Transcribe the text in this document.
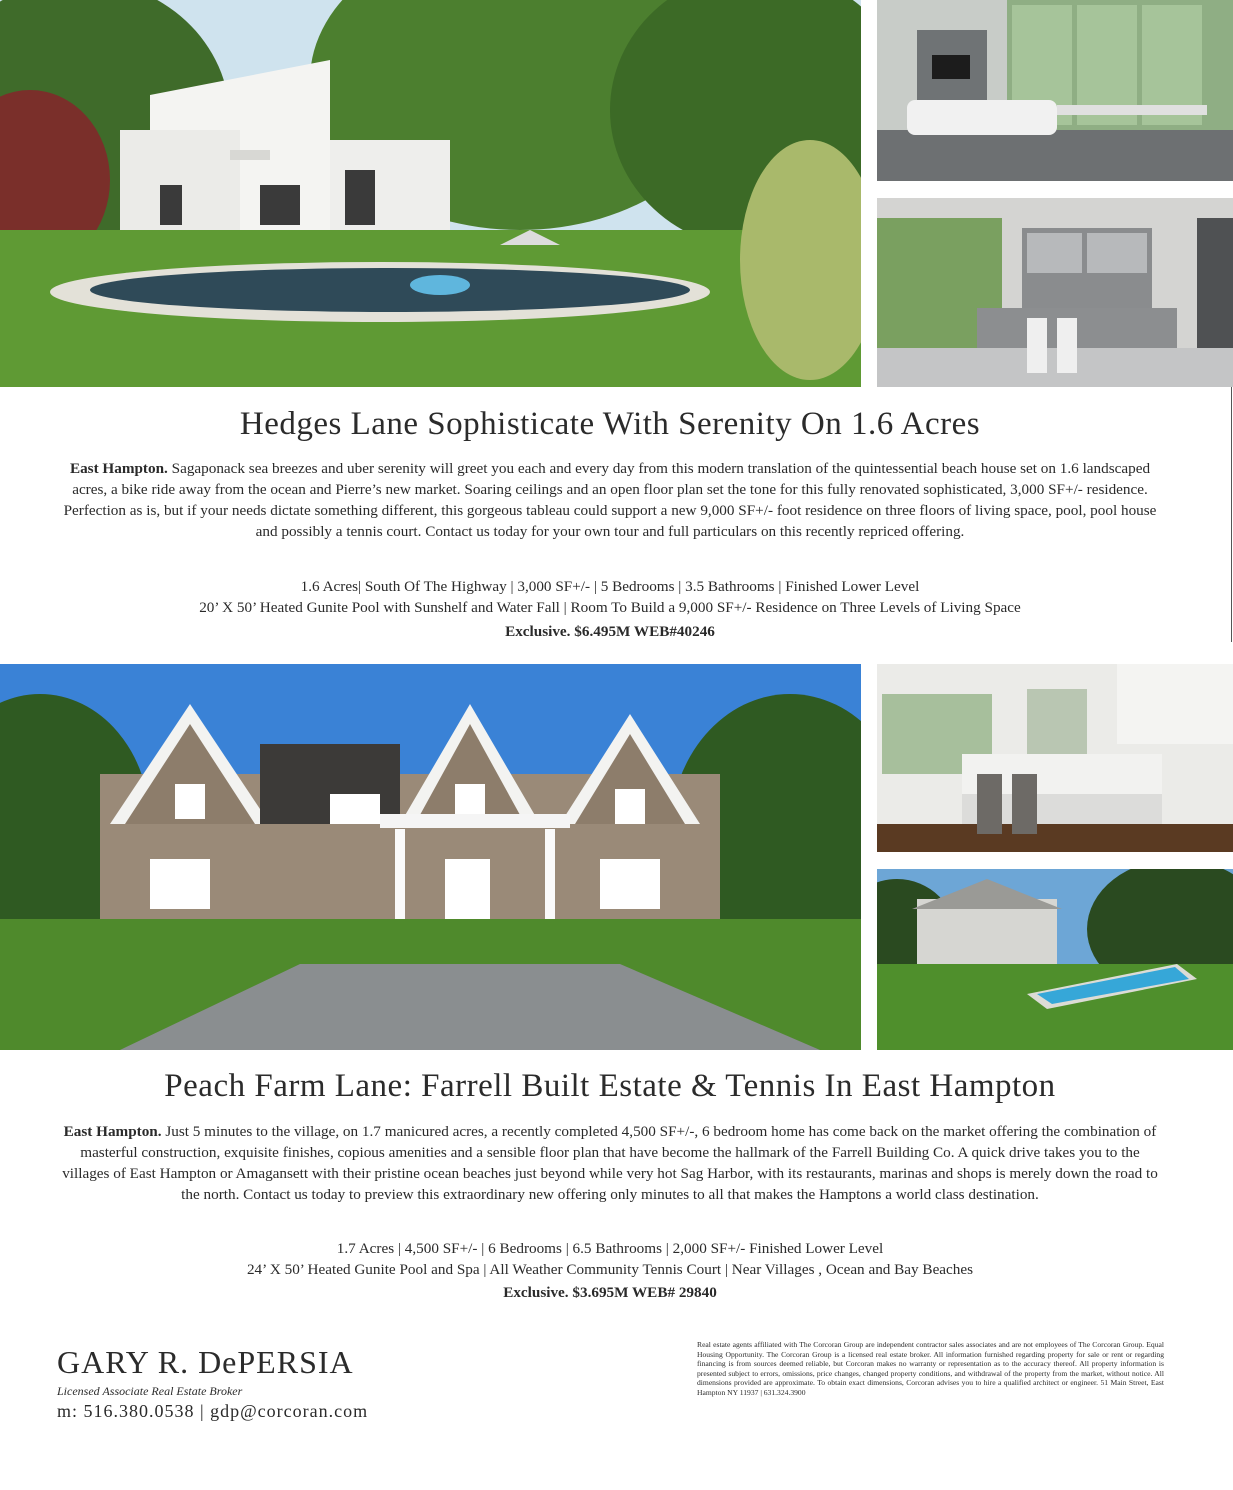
Hedges Lane Sophisticate With Serenity On 1.6 Acres
East Hampton. Sagaponack sea breezes and uber serenity will greet you each and every day from this modern translation of the quintessential beach house set on 1.6 landscaped acres, a bike ride away from the ocean and Pierre’s new market. Soaring ceilings and an open floor plan set the tone for this fully renovated sophisticated, 3,000 SF+/- residence. Perfection as is, but if your needs dictate something different, this gorgeous tableau could support a new 9,000 SF+/- foot residence on three floors of living space, pool, pool house and possibly a tennis court. Contact us today for your own tour and full particulars on this recently repriced offering.
1.6 Acres| South Of The Highway | 3,000 SF+/- | 5 Bedrooms | 3.5 Bathrooms | Finished Lower Level
20’ X 50’ Heated Gunite Pool with Sunshelf and Water Fall | Room To Build a 9,000 SF+/- Residence on Three Levels of Living Space
Exclusive. $6.495M WEB#40246
Peach Farm Lane: Farrell Built Estate & Tennis In East Hampton
East Hampton. Just 5 minutes to the village, on 1.7 manicured acres, a recently completed 4,500 SF+/-, 6 bedroom home has come back on the market offering the combination of masterful construction, exquisite finishes, copious amenities and a sensible floor plan that have become the hallmark of the Farrell Building Co. A quick drive takes you to the villages of East Hampton or Amagansett with their pristine ocean beaches just beyond while very hot Sag Harbor, with its restaurants, marinas and shops is merely down the road to the north. Contact us today to preview this extraordinary new offering only minutes to all that makes the Hamptons a world class destination.
1.7 Acres | 4,500 SF+/- | 6 Bedrooms | 6.5 Bathrooms | 2,000 SF+/- Finished Lower Level
24’ X 50’ Heated Gunite Pool and Spa | All Weather Community Tennis Court | Near Villages , Ocean and Bay Beaches
Exclusive. $3.695M WEB# 29840
GARY R. DePERSIA
Licensed Associate Real Estate Broker
m: 516.380.0538 | gdp@corcoran.com
Real estate agents affiliated with The Corcoran Group are independent contractor sales associates and are not employees of The Corcoran Group. Equal Housing Opportunity. The Corcoran Group is a licensed real estate broker. All information furnished regarding property for sale or rent or regarding financing is from sources deemed reliable, but Corcoran makes no warranty or representation as to the accuracy thereof. All property information is presented subject to errors, omissions, price changes, changed property conditions, and withdrawal of the property from the market, without notice. All dimensions provided are approximate. To obtain exact dimensions, Corcoran advises you to hire a qualified architect or engineer. 51 Main Street, East Hampton NY 11937 | 631.324.3900
